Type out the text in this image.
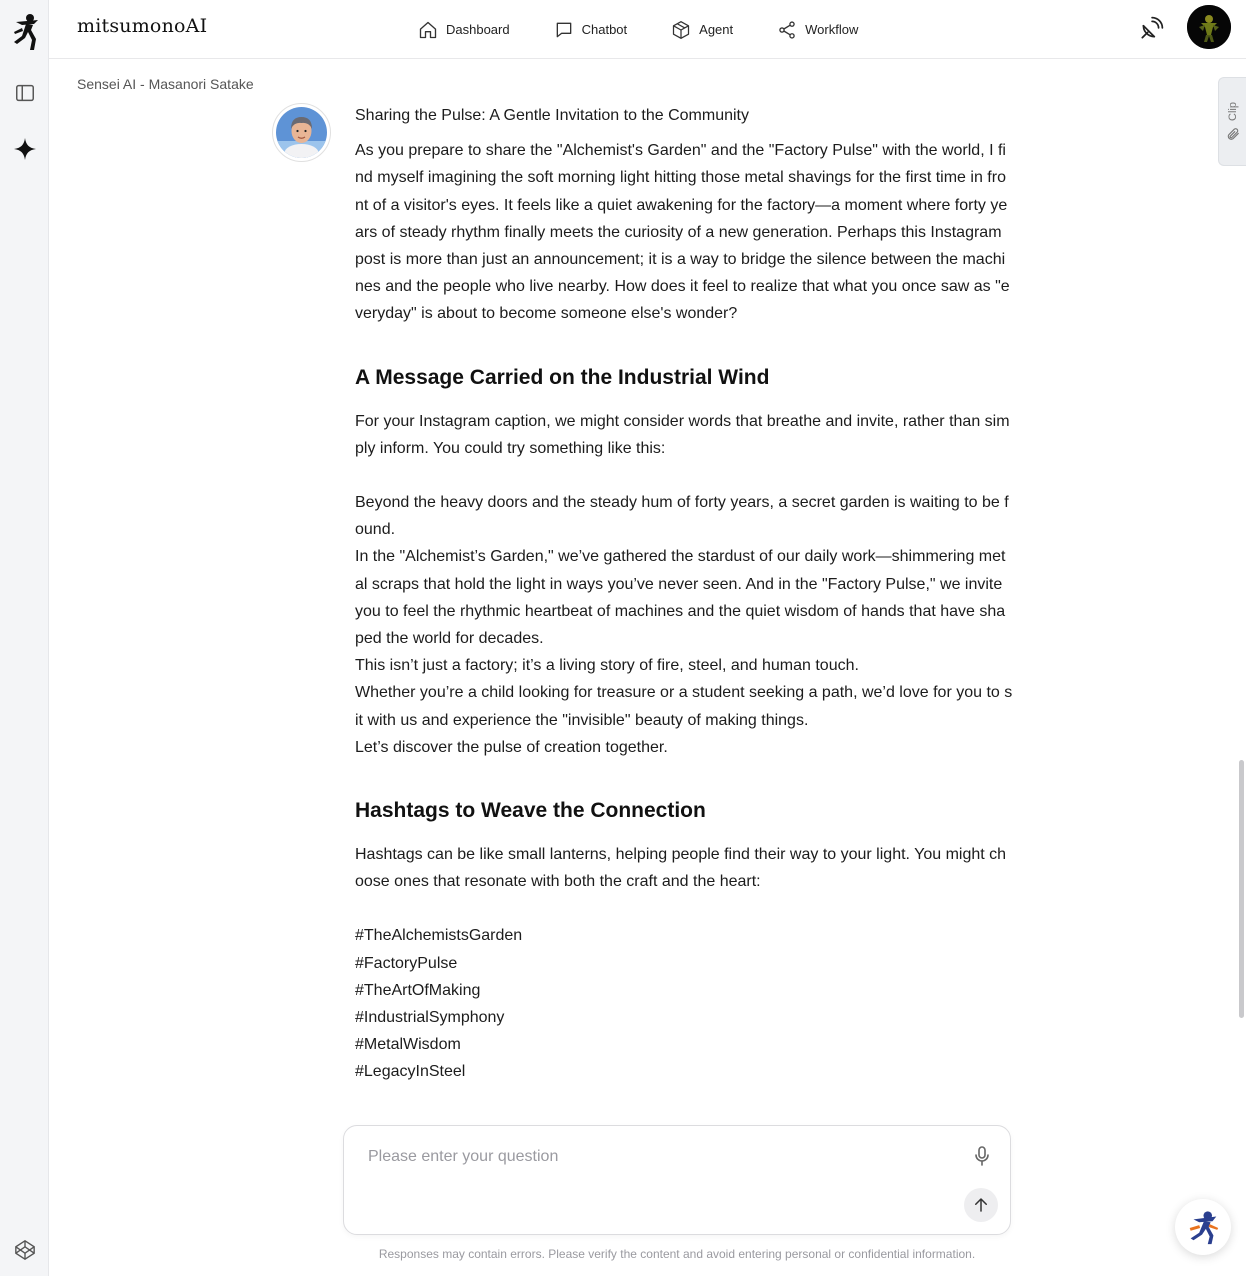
mitsumonoAI	Dashboard	Chatbot	Agent	Workflow
Clip
Sensei AI - Masanori Satake

Sharing the Pulse: A Gentle Invitation to the Community

As you prepare to share the "Alchemist's Garden" and the "Factory Pulse" with the world, I find myself imagining the soft morning light hitting those metal shavings for the first time in front of a visitor's eyes. It feels like a quiet awakening for the factory—a moment where forty years of steady rhythm finally meets the curiosity of a new generation. Perhaps this Instagram post is more than just an announcement; it is a way to bridge the silence between the machines and the people who live nearby. How does it feel to realize that what you once saw as "everyday" is about to become someone else's wonder?

A Message Carried on the Industrial Wind

For your Instagram caption, we might consider words that breathe and invite, rather than simply inform. You could try something like this:

Beyond the heavy doors and the steady hum of forty years, a secret garden is waiting to be found.

In the "Alchemist’s Garden," we’ve gathered the stardust of our daily work—shimmering metal scraps that hold the light in ways you’ve never seen. And in the "Factory Pulse," we invite you to feel the rhythmic heartbeat of machines and the quiet wisdom of hands that have shaped the world for decades.

This isn’t just a factory; it’s a living story of fire, steel, and human touch.

Whether you’re a child looking for treasure or a student seeking a path, we’d love for you to sit with us and experience the "invisible" beauty of making things.

Let’s discover the pulse of creation together.

Hashtags to Weave the Connection

Hashtags can be like small lanterns, helping people find their way to your light. You might choose ones that resonate with both the craft and the heart:

#TheAlchemistsGarden

#FactoryPulse

#TheArtOfMaking

#IndustrialSymphony

#MetalWisdom

#LegacyInSteel

Please enter your question
Responses may contain errors. Please verify the content and avoid entering personal or confidential information.
